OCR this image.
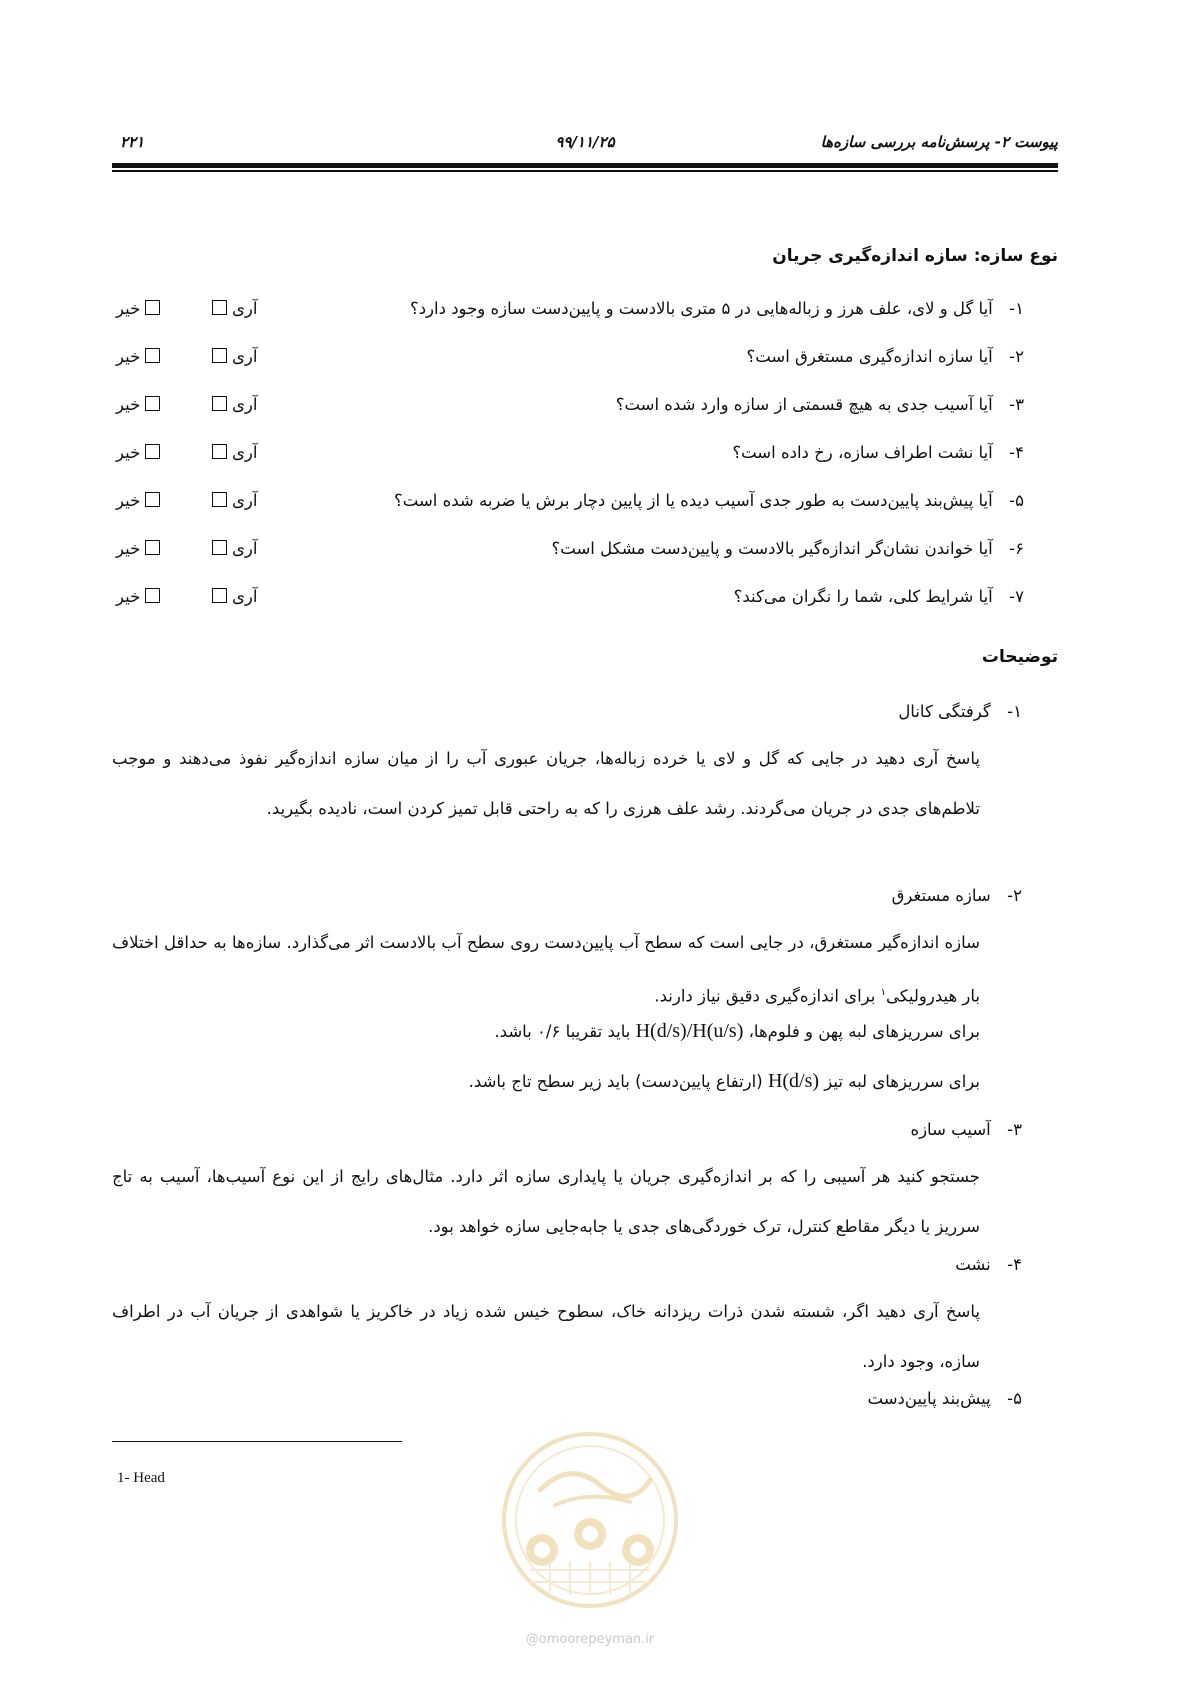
پیوست ۲- پرسش‌نامه بررسی سازه‌ها
۹۹/۱۱/۲۵
۲۲۱
نوع سازه: سازه اندازه‌گیری جریان
۱- آیا گل و لای، علف هرز و زباله‌هایی در ۵ متری بالادست و پایین‌دست سازه وجود دارد؟
آری
خیر
۲- آیا سازه اندازه‌گیری مستغرق است؟
آری
خیر
۳- آیا آسیب جدی به هیچ قسمتی از سازه وارد شده است؟
آری
خیر
۴- آیا نشت اطراف سازه، رخ داده است؟
آری
خیر
۵- آیا پیش‌بند پایین‌دست به طور جدی آسیب دیده یا از پایین دچار برش یا ضربه شده است؟
آری
خیر
۶- آیا خواندن نشان‌گر اندازه‌گیر بالادست و پایین‌دست مشکل است؟
آری
خیر
۷- آیا شرایط کلی، شما را نگران می‌کند؟
آری
خیر
توضیحات
۱- گرفتگی کانال
پاسخ آری دهید در جایی که گل و لای یا خرده زباله‌ها، جریان عبوری آب را از میان سازه اندازه‌گیر نفوذ می‌دهند و موجب تلاطم‌های جدی در جریان می‌گردند. رشد علف هرزی را که به راحتی قابل تمیز کردن است، نادیده بگیرید.
۲- سازه مستغرق
سازه اندازه‌گیر مستغرق، در جایی است که سطح آب پایین‌دست روی سطح آب بالادست اثر می‌گذارد. سازه‌ها به حداقل اختلاف بار هیدرولیکی$^۱$ برای اندازه‌گیری دقیق نیاز دارند.
برای سرریزهای لبه پهن و فلوم‌ها، H(d/s)/H(u/s) باید تقریبا ۰/۶ باشد.
برای سرریزهای لبه تیز H(d/s) (ارتفاع پایین‌دست) باید زیر سطح تاج باشد.
۳- آسیب سازه
جستجو کنید هر آسیبی را که بر اندازه‌گیری جریان یا پایداری سازه اثر دارد. مثال‌های رایج از این نوع آسیب‌ها، آسیب به تاج سرریز یا دیگر مقاطع کنترل، ترک خوردگی‌های جدی یا جابه‌جایی سازه خواهد بود.
۴- نشت
پاسخ آری دهید اگر، شسته شدن ذرات ریزدانه خاک، سطوح خیس شده زیاد در خاکریز یا شواهدی از جریان آب در اطراف سازه، وجود دارد.
۵- پیش‌بند پایین‌دست
1- Head
@omoorepeyman.ir
